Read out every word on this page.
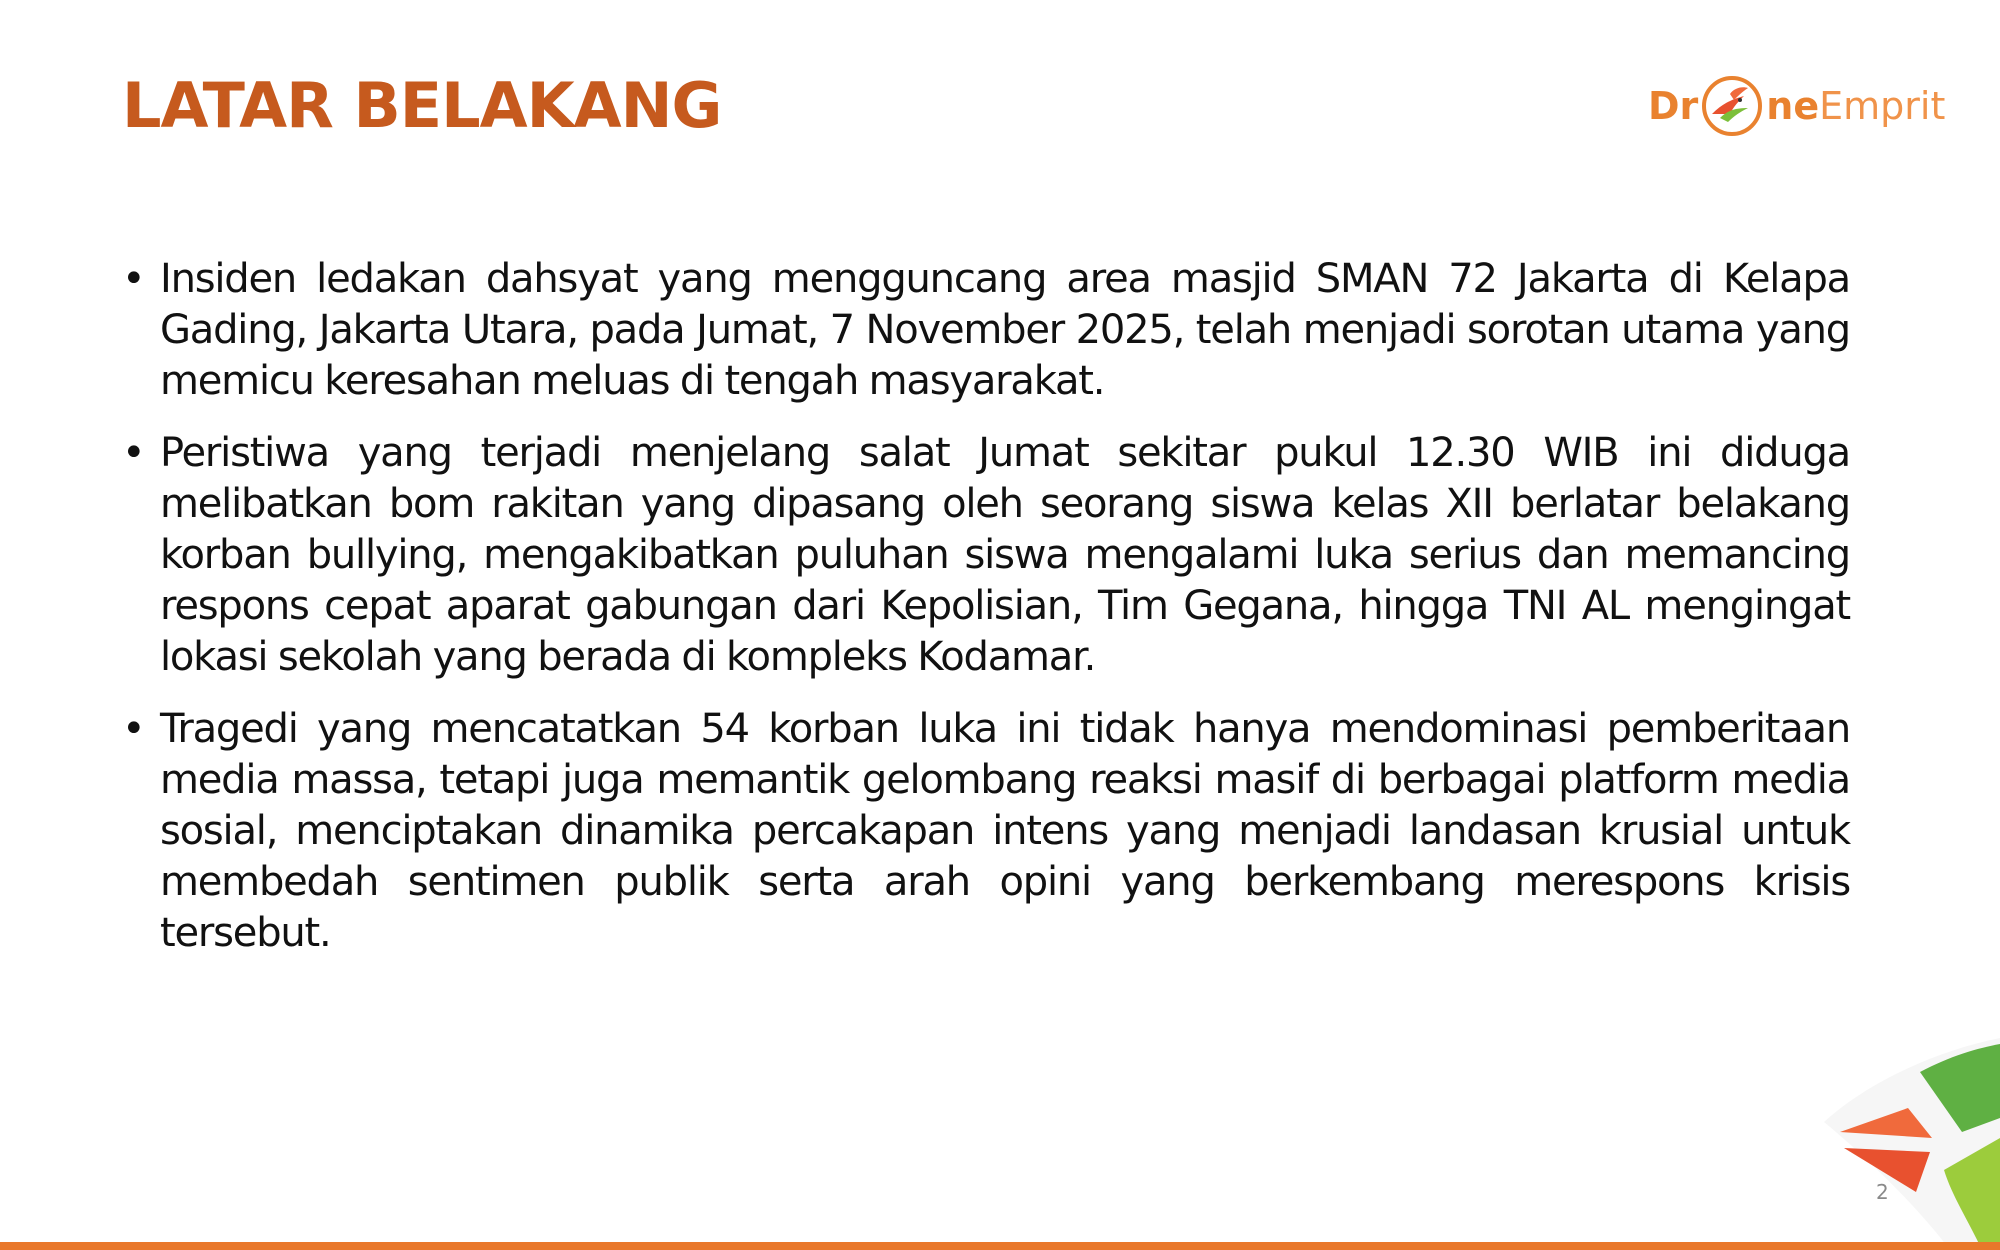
LATAR BELAKANG	Dr ne Emprit
• Insiden ledakan dahsyat yang mengguncang area masjid SMAN 72 Jakarta di Kelapa Gading, Jakarta Utara, pada Jumat, 7 November 2025, telah menjadi sorotan utama yang memicu keresahan meluas di tengah masyarakat.
• Peristiwa yang terjadi menjelang salat Jumat sekitar pukul 12.30 WIB ini diduga melibatkan bom rakitan yang dipasang oleh seorang siswa kelas XII berlatar belakang korban bullying, mengakibatkan puluhan siswa mengalami luka serius dan memancing respons cepat aparat gabungan dari Kepolisian, Tim Gegana, hingga TNI AL mengingat lokasi sekolah yang berada di kompleks Kodamar.
• Tragedi yang mencatatkan 54 korban luka ini tidak hanya mendominasi pemberitaan media massa, tetapi juga memantik gelombang reaksi masif di berbagai platform media sosial, menciptakan dinamika percakapan intens yang menjadi landasan krusial untuk membedah sentimen publik serta arah opini yang berkembang merespons krisis tersebut.
2
